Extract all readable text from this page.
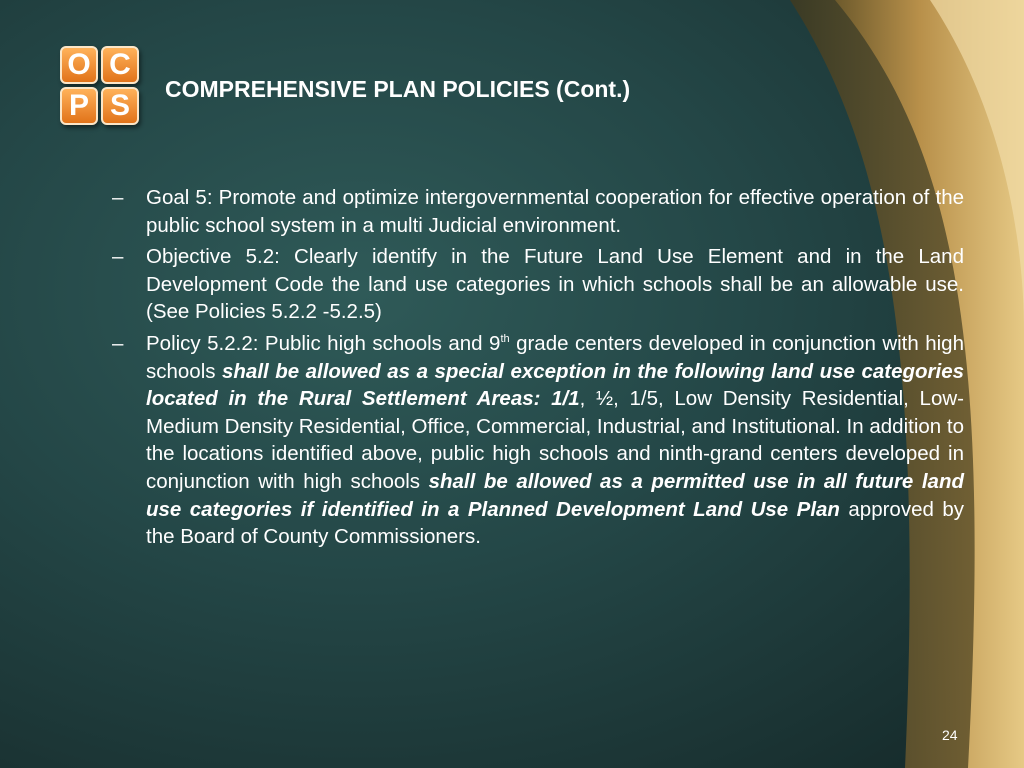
O C
P S	COMPREHENSIVE PLAN POLICIES (Cont.)
– Goal 5: Promote and optimize intergovernmental cooperation for effective operation of the public school system in a multi Judicial environment.
– Objective 5.2: Clearly identify in the Future Land Use Element and in the Land Development Code the land use categories in which schools shall be an allowable use. (See Policies 5.2.2 -5.2.5)
– Policy 5.2.2: Public high schools and 9th grade centers developed in conjunction with high schools shall be allowed as a special exception in the following land use categories located in the Rural Settlement Areas: 1/1, ½, 1/5, Low Density Residential, Low-Medium Density Residential, Office, Commercial, Industrial, and Institutional. In addition to the locations identified above, public high schools and ninth-grand centers developed in conjunction with high schools shall be allowed as a permitted use in all future land use categories if identified in a Planned Development Land Use Plan approved by the Board of County Commissioners.
24
